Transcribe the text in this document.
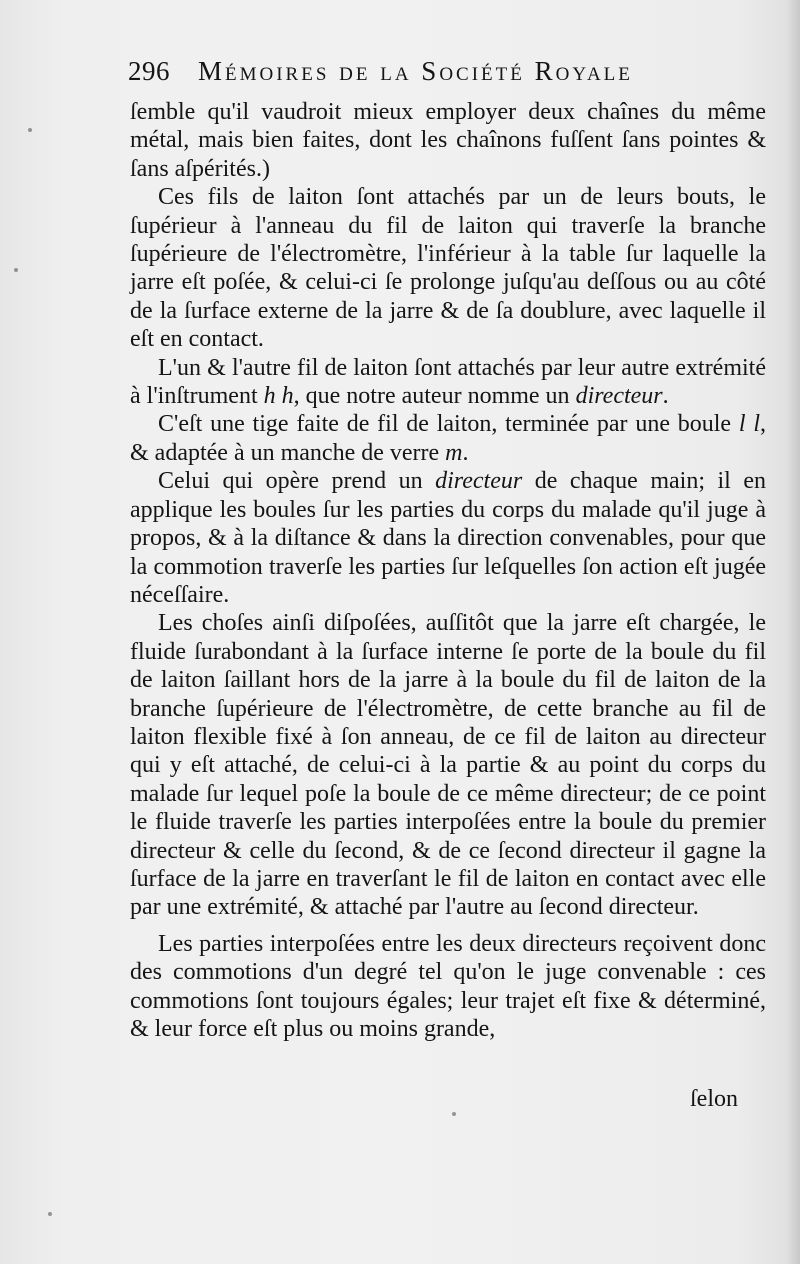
296 Mémoires de la Société Royale

ſemble qu'il vaudroit mieux employer deux chaînes du même métal, mais bien faites, dont les chaînons fuſſent ſans pointes & ſans aſpérités.)

Ces fils de laiton ſont attachés par un de leurs bouts, le ſupérieur à l'anneau du fil de laiton qui traverſe la branche ſupérieure de l'électromètre, l'inférieur à la table ſur laquelle la jarre eſt poſée, & celui-ci ſe prolonge juſqu'au deſſous ou au côté de la ſurface externe de la jarre & de ſa doublure, avec laquelle il eſt en contact.

L'un & l'autre fil de laiton ſont attachés par leur autre extrémité à l'inſtrument h h, que notre auteur nomme un directeur.

C'eſt une tige faite de fil de laiton, terminée par une boule l l, & adaptée à un manche de verre m.

Celui qui opère prend un directeur de chaque main; il en applique les boules ſur les parties du corps du malade qu'il juge à propos, & à la diſtance & dans la direction convenables, pour que la commotion traverſe les parties ſur leſquelles ſon action eſt jugée néceſſaire.

Les choſes ainſi diſpoſées, auſſitôt que la jarre eſt chargée, le fluide ſurabondant à la ſurface interne ſe porte de la boule du fil de laiton ſaillant hors de la jarre à la boule du fil de laiton de la branche ſupérieure de l'électromètre, de cette branche au fil de laiton flexible fixé à ſon anneau, de ce fil de laiton au directeur qui y eſt attaché, de celui-ci à la partie & au point du corps du malade ſur lequel poſe la boule de ce même directeur; de ce point le fluide traverſe les parties interpoſées entre la boule du premier directeur & celle du ſecond, & de ce ſecond directeur il gagne la ſurface de la jarre en traverſant le fil de laiton en contact avec elle par une extrémité, & attaché par l'autre au ſecond directeur.

Les parties interpoſées entre les deux directeurs reçoivent donc des commotions d'un degré tel qu'on le juge convenable : ces commotions ſont toujours égales; leur trajet eſt fixe & déterminé, & leur force eſt plus ou moins grande,

ſelon
